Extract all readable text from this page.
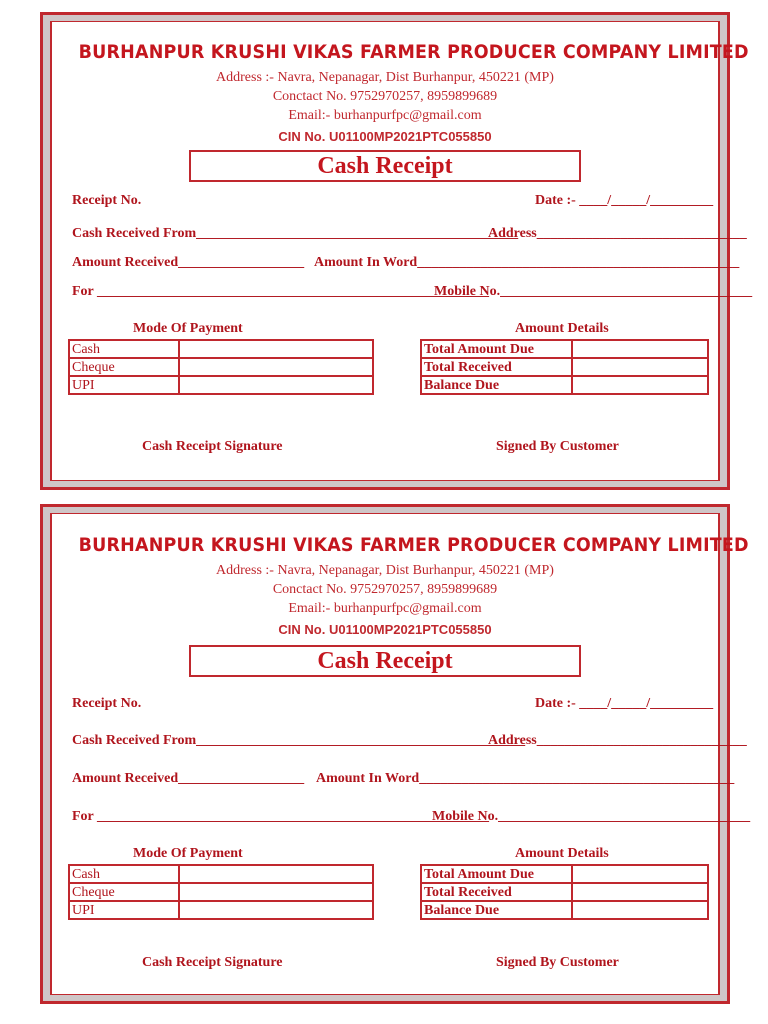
BURHANPUR KRUSHI VIKAS FARMER PRODUCER COMPANY LIMITED
Address :- Navra, Nepanagar, Dist Burhanpur, 450221 (MP)
Conctact No. 9752970257, 8959899689
Email:- burhanpurfpc@gmail.com
CIN No. U01100MP2021PTC055850
Cash Receipt
Receipt No.	Date :- ____/_____/_________
Cash Received From______________________________________________
Address______________________________
Amount Received__________________ Amount In Word______________________________________________
For ________________________________________________________
Mobile No.____________________________________
Mode Of Payment	Amount Details
Cash	
Cheque	
UPI	
Total Amount Due	
Total Received	
Balance Due	
Cash Receipt Signature	Signed By Customer
BURHANPUR KRUSHI VIKAS FARMER PRODUCER COMPANY LIMITED
Address :- Navra, Nepanagar, Dist Burhanpur, 450221 (MP)
Conctact No. 9752970257, 8959899689
Email:- burhanpurfpc@gmail.com
CIN No. U01100MP2021PTC055850
Cash Receipt
Receipt No.	Date :- ____/_____/_________
Cash Received From_______________________________________________
Address______________________________
Amount Received__________________ Amount In Word_____________________________________________
For ________________________________________________________
Mobile No.____________________________________
Mode Of Payment	Amount Details
Cash	
Cheque	
UPI	
Total Amount Due	
Total Received	
Balance Due	
Cash Receipt Signature	Signed By Customer
